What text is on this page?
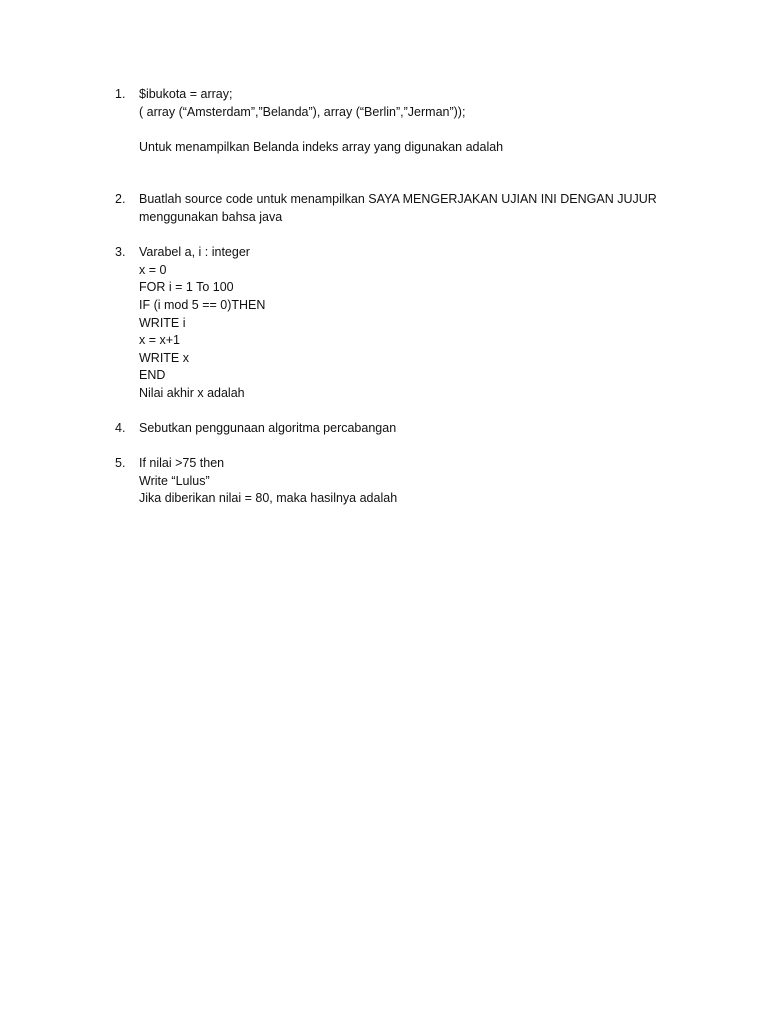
1.	$ibukota = array;
( array (“Amsterdam”,”Belanda”), array (“Berlin”,”Jerman”));
Untuk menampilkan Belanda indeks array yang digunakan adalah
2.	Buatlah source code untuk menampilkan SAYA MENGERJAKAN UJIAN INI DENGAN JUJUR
menggunakan bahsa java
3.	Varabel a, i : integer
x = 0
FOR i = 1 To 100
IF (i mod 5 == 0)THEN
WRITE i
x = x+1
WRITE x
END
Nilai akhir x adalah
4.	Sebutkan penggunaan algoritma percabangan
5.	If nilai >75 then
Write “Lulus”
Jika diberikan nilai = 80, maka hasilnya adalah
